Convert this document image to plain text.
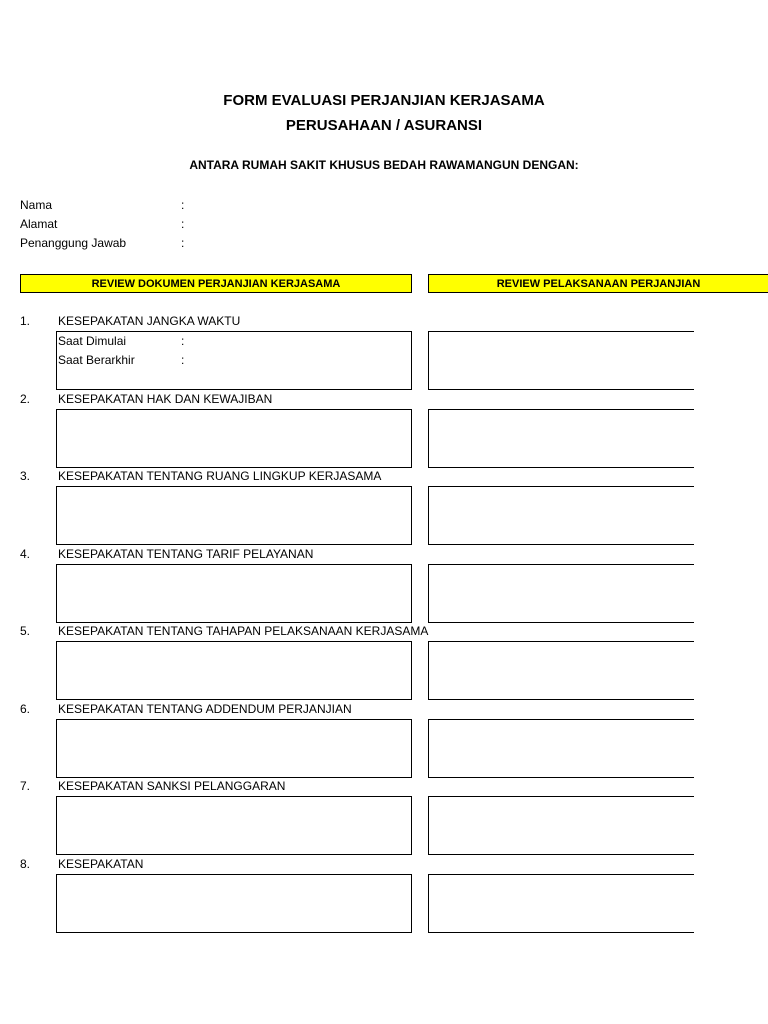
FORM EVALUASI PERJANJIAN KERJASAMA
PERUSAHAAN / ASURANSI
ANTARA RUMAH SAKIT KHUSUS BEDAH RAWAMANGUN DENGAN:
Nama	:
Alamat	:
Penanggung Jawab	:
REVIEW DOKUMEN PERJANJIAN KERJASAMA	REVIEW PELAKSANAAN PERJANJIAN
1. KESEPAKATAN JANGKA WAKTU
Saat Dimulai	:
Saat Berarkhir	:
2. KESEPAKATAN HAK DAN KEWAJIBAN
3. KESEPAKATAN TENTANG RUANG LINGKUP KERJASAMA
4. KESEPAKATAN TENTANG TARIF PELAYANAN
5. KESEPAKATAN TENTANG TAHAPAN PELAKSANAAN KERJASAMA
6. KESEPAKATAN TENTANG ADDENDUM PERJANJIAN
7. KESEPAKATAN SANKSI PELANGGARAN
8. KESEPAKATAN
